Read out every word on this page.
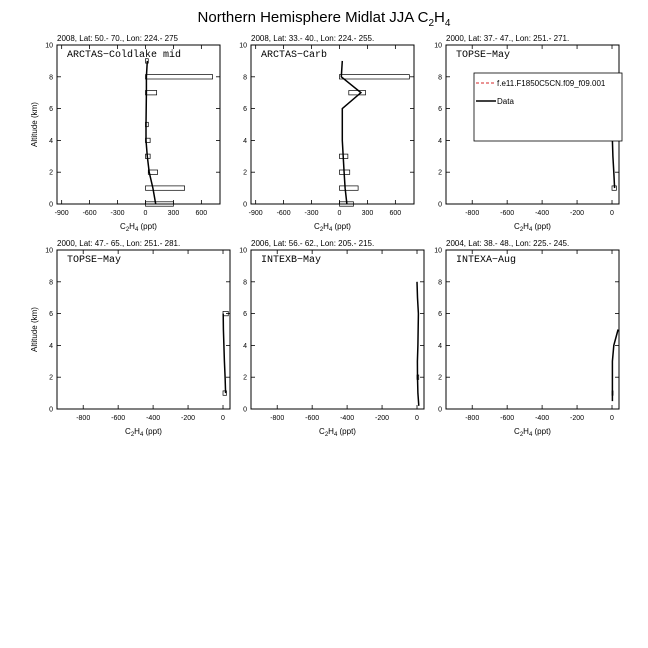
Northern Hemisphere Midlat JJA $C_2H_4$
2008, Lat: 50.- 70., Lon: 224.- 275
ARCTAS−Coldlake mid
-900 -600 -300	0	300 600
0
2
4
6
8
10
$C_2H_4$ (ppt)
Altitude (km)
2008, Lat: 33.- 40., Lon: 224.- 255.
ARCTAS−Carb
-900 -600 -300	0	300 600
0
2
4
6
8
10
$C_2H_4$ (ppt)
2000, Lat: 37.- 47., Lon: 251.- 271.
TOPSE−May
-800	-600	-400	-200	0
0
2
4
6
8
10
$C_2H_4$ (ppt)
f.e11.F1850C5CN.f09_f09.001
Data
2000, Lat: 47.- 65., Lon: 251.- 281.
TOPSE−May
-800	-600	-400	-200	0
0
2
4
6
8
10
$C_2H_4$ (ppt)
Altitude (km)
2006, Lat: 56.- 62., Lon: 205.- 215.
INTEXB−May
-800	-600	-400	-200	0
0
2
4
6
8
10
$C_2H_4$ (ppt)
2004, Lat: 38.- 48., Lon: 225.- 245.
INTEXA−Aug
-800	-600	-400	-200	0
0
2
4
6
8
10
$C_2H_4$ (ppt)
